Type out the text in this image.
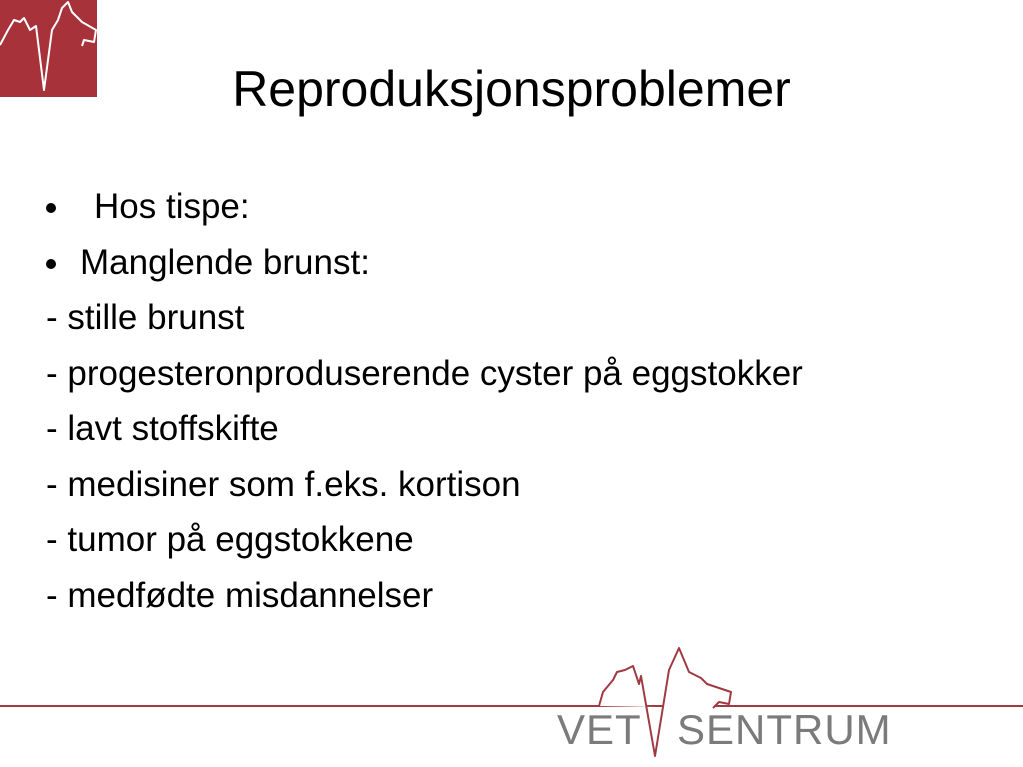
Reproduksjonsproblemer
Hos tispe:
Manglende brunst:
- stille brunst
- progesteronproduserende cyster på eggstokker
- lavt stoffskifte
- medisiner som f.eks. kortison
- tumor på eggstokkene
- medfødte misdannelser
VET SENTRUM
